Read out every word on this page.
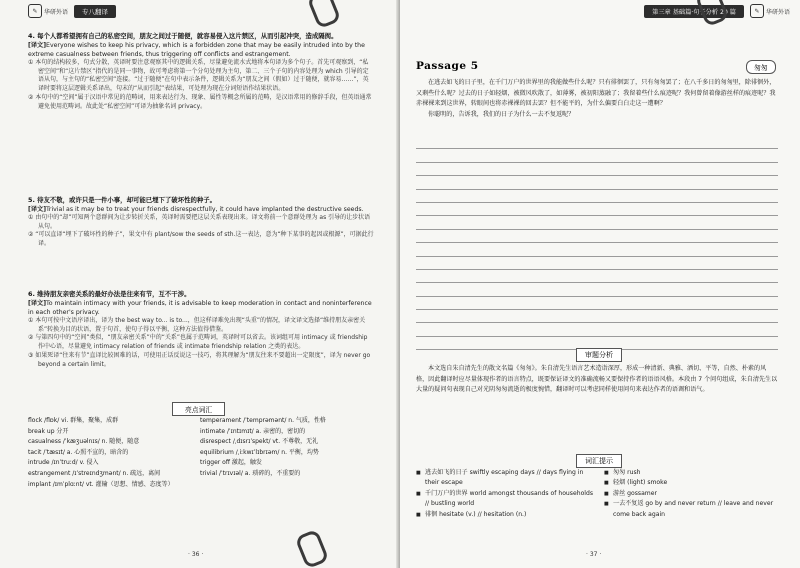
✎	华研外语	专八翻译
4. 每个人都希望拥有自己的私密空间，朋友之间过于随便，就容易侵入这片禁区，从而引起冲突，造成隔阂。
[译文]Everyone wishes to keep his privacy, which is a forbidden zone that may be easily intruded into by the extreme casualness between friends, thus triggering off conflicts and estrangement.
① 本句的结构较多，句式分散，英译时要注意观察其中的逻辑关系，尽量避免流水式地将本句译为多个句子。首先可观察到，“私密空间”和“这片禁区”指代的是同一事物，故可考虑将第一个分句处理为主句，第二、三个子句的内容处理为 which 引导的定语从句，与主句的“私密空间”连接。“过于随便”在句中表示条件，逻辑关系为“朋友之间（假如）过于随便，就容易……”，英译时要将这层逻辑关系译出，句末的“从而引起”表结果，可处理为现在分词短语作结果状语。
② 本句中的“空间”属于汉语中常见的范畴词，用来表达行为、现象、属性等概念所属的范畴，是汉语常用的修辞手段，但英语通常避免使用范畴词。故此处“私密空间”可译为抽象名词 privacy。
5. 待友不敬，或许只是一件小事，却可能已埋下了破坏性的种子。
[译文]Trivial as it may be to treat your friends disrespectfully, it could have implanted the destructive seeds.
① 由句中的“却”可知两个意群间为让步转折关系，英译时需要把这层关系表现出来。译文将前一个意群处理为 as 引导的让步状语从句。
② “可以直译“埋下了破坏性的种子”，果文中有 plant/sow the seeds of sth.这一表达，意为“种下某事的起因或根源”，可据此行译。
6. 维持朋友亲密关系的最好办法是往来有节，互不干涉。
[译文]To maintain intimacy with your friends, it is advisable to keep moderation in contact and noninterference in each other's privacy.
① 本句可按中文语序译出，译为 the best way to... is to...，但这样译难免出现“头重”的情况，译文译文选择“维持朋友亲密关系”转换为目的状语，置于句首，使句子得以平衡，这种方法值得借鉴。
② 与第四句中的“空间”类似，“朋友亲密关系”中的“关系”也属于范畴词，英译时可以省去。该词组可用 intimacy 或 friendship 作中心语，尽量避免 intimacy relation of friends 或 intimate friendship relation 之类的表达。
③ 如果死译“往来有节”直译比较困难的话，可使用正话反说这一技巧，将其理解为“朋友往来不要超出一定限度”，译为 never go beyond a certain limit。
亮点词汇
flock /flɒk/ vi. 群集，聚集，成群
break up 分开
casualness /ˈkæʒuəlnɪs/ n. 随便，随意
tacit /ˈtæsɪt/ a. 心照不宣的，暗含的
intrude /ɪnˈtruːd/ v. 侵入
estrangement /ɪˈstreɪndʒmənt/ n. 疏远，离间
implant /ɪmˈplɑːnt/ vt. 灌输（思想、情感、态度等）
temperament /ˈtemprəmənt/ n. 气质，性格
intimate /ˈɪntɪmɪt/ a. 亲密的，密切的
disrespect /ˌdɪsrɪˈspekt/ vt. 不尊敬，无礼
equilibrium /ˌiːkwɪˈlɪbrɪəm/ n. 平衡，均势
trigger off 激起，触发
trivial /ˈtrɪvɪəl/ a. 琐碎的，不重要的
· 36 ·
第三章 基础篇·句子分析 20 篇	✎	华研外语
Passage 5	匆匆
在逃去如飞的日子里，在千门万户的世界里的我能做些什么呢？只有徘徊罢了，只有匆匆罢了；在八千多日的匆匆里，除徘徊外，又剩些什么呢？过去的日子如轻烟，被微风吹散了，如薄雾，被初阳蒸融了；我留着些什么痕迹呢？我何曾留着像游丝样的痕迹呢？我赤裸裸来到这世界，转眼间也将赤裸裸的回去罢？但不能平的，为什么偏要白白走这一遭啊？
你聪明的，告诉我，我们的日子为什么一去不复返呢？
审题分析
本文选自朱自清先生的散文名篇《匆匆》。朱自清先生语言艺术造诣深厚，形成一种清新、典雅、洒切、平等，自然、朴素的风格，因此翻译时应尽量体现作者的语言特点，既要保证译文的准确流畅又要保持作者的语语风格。本段由 7 个问句组成，朱自清先生以大量的疑问句表现自己对光阴匆匆流逝的极度惋惜，翻译时可以考虑同样使用问句来表达作者的语调和语气。
词汇提示
■ 逃去如飞的日子 swiftly escaping days // days flying in their escape
■ 千门万户的世界 world amongst thousands of households // bustling world
■ 徘徊 hesitate (v.) // hesitation (n.)
■ 匆匆 rush
■ 轻烟 (light) smoke
■ 游丝 gossamer
■ 一去不复返 go by and never return // leave and never come back again
· 37 ·
